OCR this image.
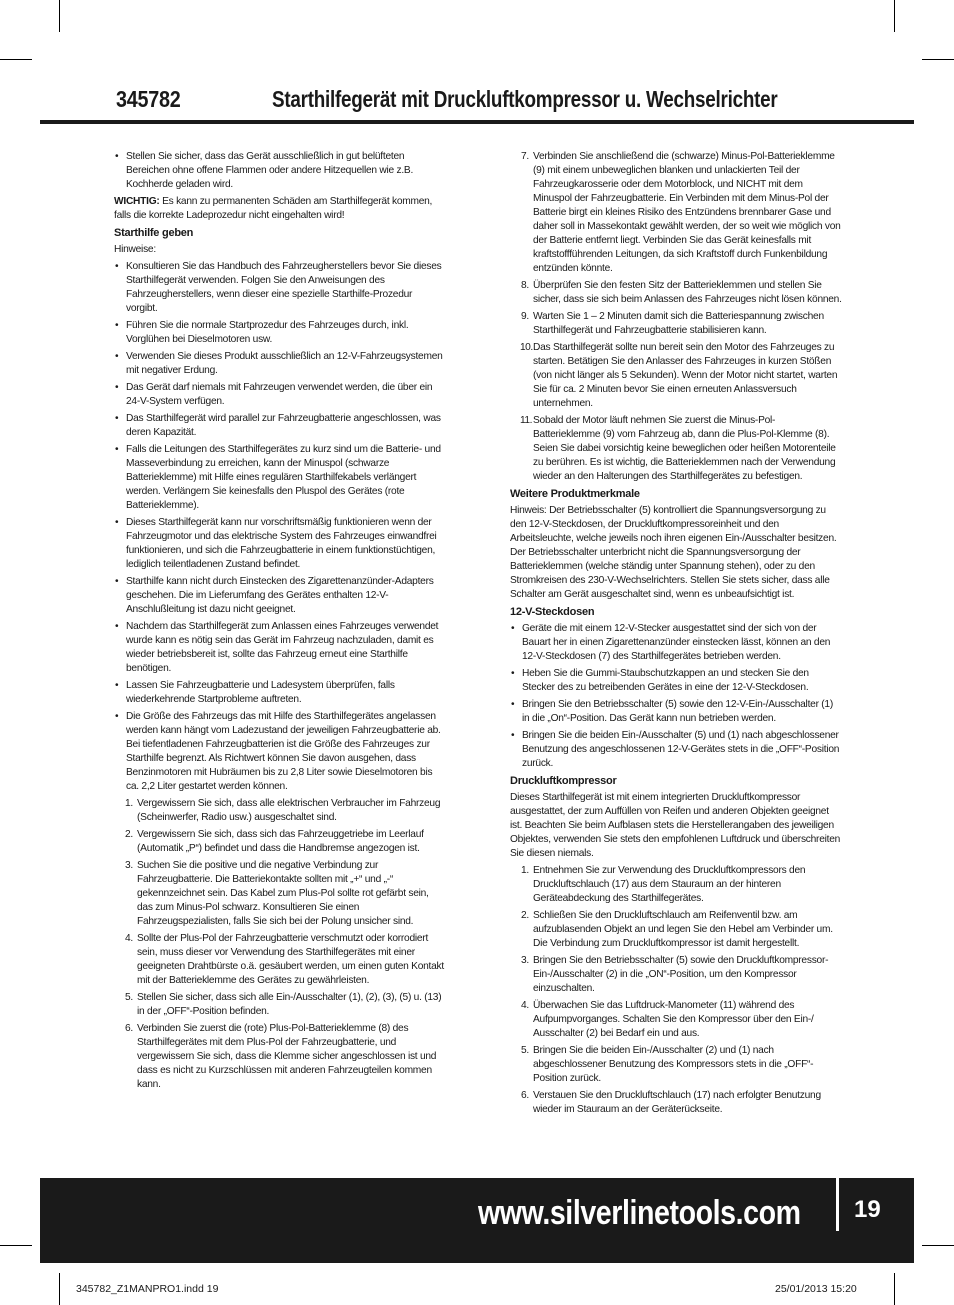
345782	Starthilfegerät mit Druckluftkompressor u. Wechselrichter
• Stellen Sie sicher, dass das Gerät ausschließlich in gut belüfteten Bereichen ohne offene Flammen oder andere Hitzequellen wie z.B. Kochherde geladen wird.

WICHTIG: Es kann zu permanenten Schäden am Starthilfegerät kommen, falls die korrekte Ladeprozedur nicht eingehalten wird!

Starthilfe geben

Hinweise:

• Konsultieren Sie das Handbuch des Fahrzeugherstellers bevor Sie dieses Starthilfegerät verwenden. Folgen Sie den Anweisungen des Fahrzeugherstellers, wenn dieser eine spezielle Starthilfe-Prozedur vorgibt.
• Führen Sie die normale Startprozedur des Fahrzeuges durch, inkl. Vorglühen bei Dieselmotoren usw.
• Verwenden Sie dieses Produkt ausschließlich an 12-V-Fahrzeugsystemen mit negativer Erdung.
• Das Gerät darf niemals mit Fahrzeugen verwendet werden, die über ein 24-V-System verfügen.
• Das Starthilfegerät wird parallel zur Fahrzeugbatterie angeschlossen, was deren Kapazität.
• Falls die Leitungen des Starthilfegerätes zu kurz sind um die Batterie- und Masseverbindung zu erreichen, kann der Minuspol (schwarze Batterieklemme) mit Hilfe eines regulären Starthilfekabels verlängert werden. Verlängern Sie keinesfalls den Pluspol des Gerätes (rote Batterieklemme).
• Dieses Starthilfegerät kann nur vorschriftsmäßig funktionieren wenn der Fahrzeugmotor und das elektrische System des Fahrzeuges einwandfrei funktionieren, und sich die Fahrzeugbatterie in einem funktionstüchtigen, lediglich teilentladenen Zustand befindet.
• Starthilfe kann nicht durch Einstecken des Zigarettenanzünder-Adapters geschehen. Die im Lieferumfang des Gerätes enthalten 12-V-Anschlußleitung ist dazu nicht geeignet.
• Nachdem das Starthilfegerät zum Anlassen eines Fahrzeuges verwendet wurde kann es nötig sein das Gerät im Fahrzeug nachzuladen, damit es wieder betriebsbereit ist, sollte das Fahrzeug erneut eine Starthilfe benötigen.
• Lassen Sie Fahrzeugbatterie und Ladesystem überprüfen, falls wiederkehrende Startprobleme auftreten.
• Die Größe des Fahrzeugs das mit Hilfe des Starthilfegerätes angelassen werden kann hängt vom Ladezustand der jeweiligen Fahrzeugbatterie ab. Bei tiefentladenen Fahrzeugbatterien ist die Größe des Fahrzeuges zur Starthilfe begrenzt. Als Richtwert können Sie davon ausgehen, dass Benzinmotoren mit Hubräumen bis zu 2,8 Liter sowie Dieselmotoren bis ca. 2,2 Liter gestartet werden können.
1. Vergewissern Sie sich, dass alle elektrischen Verbraucher im Fahrzeug (Scheinwerfer, Radio usw.) ausgeschaltet sind.
2. Vergewissern Sie sich, dass sich das Fahrzeuggetriebe im Leerlauf (Automatik „P“) befindet und dass die Handbremse angezogen ist.
3. Suchen Sie die positive und die negative Verbindung zur Fahrzeugbatterie. Die Batteriekontakte sollten mit „+“ und „-“ gekennzeichnet sein. Das Kabel zum Plus-Pol sollte rot gefärbt sein, das zum Minus-Pol schwarz. Konsultieren Sie einen Fahrzeugspezialisten, falls Sie sich bei der Polung unsicher sind.
4. Sollte der Plus-Pol der Fahrzeugbatterie verschmutzt oder korrodiert sein, muss dieser vor Verwendung des Starthilfegerätes mit einer geeigneten Drahtbürste o.ä. gesäubert werden, um einen guten Kontakt mit der Batterieklemme des Gerätes zu gewährleisten.
5. Stellen Sie sicher, dass sich alle Ein-/Ausschalter (1), (2), (3), (5) u. (13) in der „OFF“-Position befinden.
6. Verbinden Sie zuerst die (rote) Plus-Pol-Batterieklemme (8) des Starthilfegerätes mit dem Plus-Pol der Fahrzeugbatterie, und vergewissern Sie sich, dass die Klemme sicher angeschlossen ist und dass es nicht zu Kurzschlüssen mit anderen Fahrzeugteilen kommen kann.
7. Verbinden Sie anschließend die (schwarze) Minus-Pol-Batterieklemme (9) mit einem unbeweglichen blanken und unlackierten Teil der Fahrzeugkarosserie oder dem Motorblock, und NICHT mit dem Minuspol der Fahrzeugbatterie. Ein Verbinden mit dem Minus-Pol der Batterie birgt ein kleines Risiko des Entzündens brennbarer Gase und daher soll in Massekontakt gewählt werden, der so weit wie möglich von der Batterie entfernt liegt. Verbinden Sie das Gerät keinesfalls mit kraftstoffführenden Leitungen, da sich Kraftstoff durch Funkenbildung entzünden könnte.
8. Überprüfen Sie den festen Sitz der Batterieklemmen und stellen Sie sicher, dass sie sich beim Anlassen des Fahrzeuges nicht lösen können.
9. Warten Sie 1 – 2 Minuten damit sich die Batteriespannung zwischen Starthilfegerät und Fahrzeugbatterie stabilisieren kann.
10. Das Starthilfegerät sollte nun bereit sein den Motor des Fahrzeuges zu starten. Betätigen Sie den Anlasser des Fahrzeuges in kurzen Stößen (von nicht länger als 5 Sekunden). Wenn der Motor nicht startet, warten Sie für ca. 2 Minuten bevor Sie einen erneuten Anlassversuch unternehmen.
11. Sobald der Motor läuft nehmen Sie zuerst die Minus-Pol-Batterieklemme (9) vom Fahrzeug ab, dann die Plus-Pol-Klemme (8). Seien Sie dabei vorsichtig keine beweglichen oder heißen Motorenteile zu berühren. Es ist wichtig, die Batterieklemmen nach der Verwendung wieder an den Halterungen des Starthilfegerätes zu befestigen.
Weitere Produktmerkmale

Hinweis: Der Betriebsschalter (5) kontrolliert die Spannungsversorgung zu den 12-V-Steckdosen, der Druckluftkompressoreinheit und den Arbeitsleuchte, welche jeweils noch ihren eigenen Ein-/Ausschalter besitzen. Der Betriebsschalter unterbricht nicht die Spannungsversorgung der Batterieklemmen (welche ständig unter Spannung stehen), oder zu den Stromkreisen des 230-V-Wechselrichters. Stellen Sie stets sicher, dass alle Schalter am Gerät ausgeschaltet sind, wenn es unbeaufsichtigt ist.

12-V-Steckdosen
• Geräte die mit einem 12-V-Stecker ausgestattet sind der sich von der Bauart her in einen Zigarettenanzünder einstecken lässt, können an den 12-V-Steckdosen (7) des Starthilfegerätes betrieben werden.
• Heben Sie die Gummi-Staubschutzkappen an und stecken Sie den Stecker des zu betreibenden Gerätes in eine der 12-V-Steckdosen.
• Bringen Sie den Betriebsschalter (5) sowie den 12-V-Ein-/Ausschalter (1) in die „On“-Position. Das Gerät kann nun betrieben werden.
• Bringen Sie die beiden Ein-/Ausschalter (5) und (1) nach abgeschlossener Benutzung des angeschlossenen 12-V-Gerätes stets in die „OFF“-Position zurück.
Druckluftkompressor

Dieses Starthilfegerät ist mit einem integrierten Druckluftkompressor ausgestattet, der zum Auffüllen von Reifen und anderen Objekten geeignet ist. Beachten Sie beim Aufblasen stets die Herstellerangaben des jeweiligen Objektes, verwenden Sie stets den empfohlenen Luftdruck und überschreiten Sie diesen niemals.

1. Entnehmen Sie zur Verwendung des Druckluftkompressors den Druckluftschlauch (17) aus dem Stauraum an der hinteren Geräteabdeckung des Starthilfegerätes.
2. Schließen Sie den Druckluftschlauch am Reifenventil bzw. am aufzublasenden Objekt an und legen Sie den Hebel am Verbinder um. Die Verbindung zum Druckluftkompressor ist damit hergestellt.
3. Bringen Sie den Betriebsschalter (5) sowie den Druckluftkompressor-Ein-/Ausschalter (2) in die „ON“-Position, um den Kompressor einzuschalten.
4. Überwachen Sie das Luftdruck-Manometer (11) während des Aufpumpvorganges. Schalten Sie den Kompressor über den Ein-/ Ausschalter (2) bei Bedarf ein und aus.
5. Bringen Sie die beiden Ein-/Ausschalter (2) und (1) nach abgeschlossener Benutzung des Kompressors stets in die „OFF“-Position zurück.
6. Verstauen Sie den Druckluftschlauch (17) nach erfolgter Benutzung wieder im Stauraum an der Geräterückseite.
www.silverlinetools.com 19
345782_Z1MANPRO1.indd 19	25/01/2013 15:20
